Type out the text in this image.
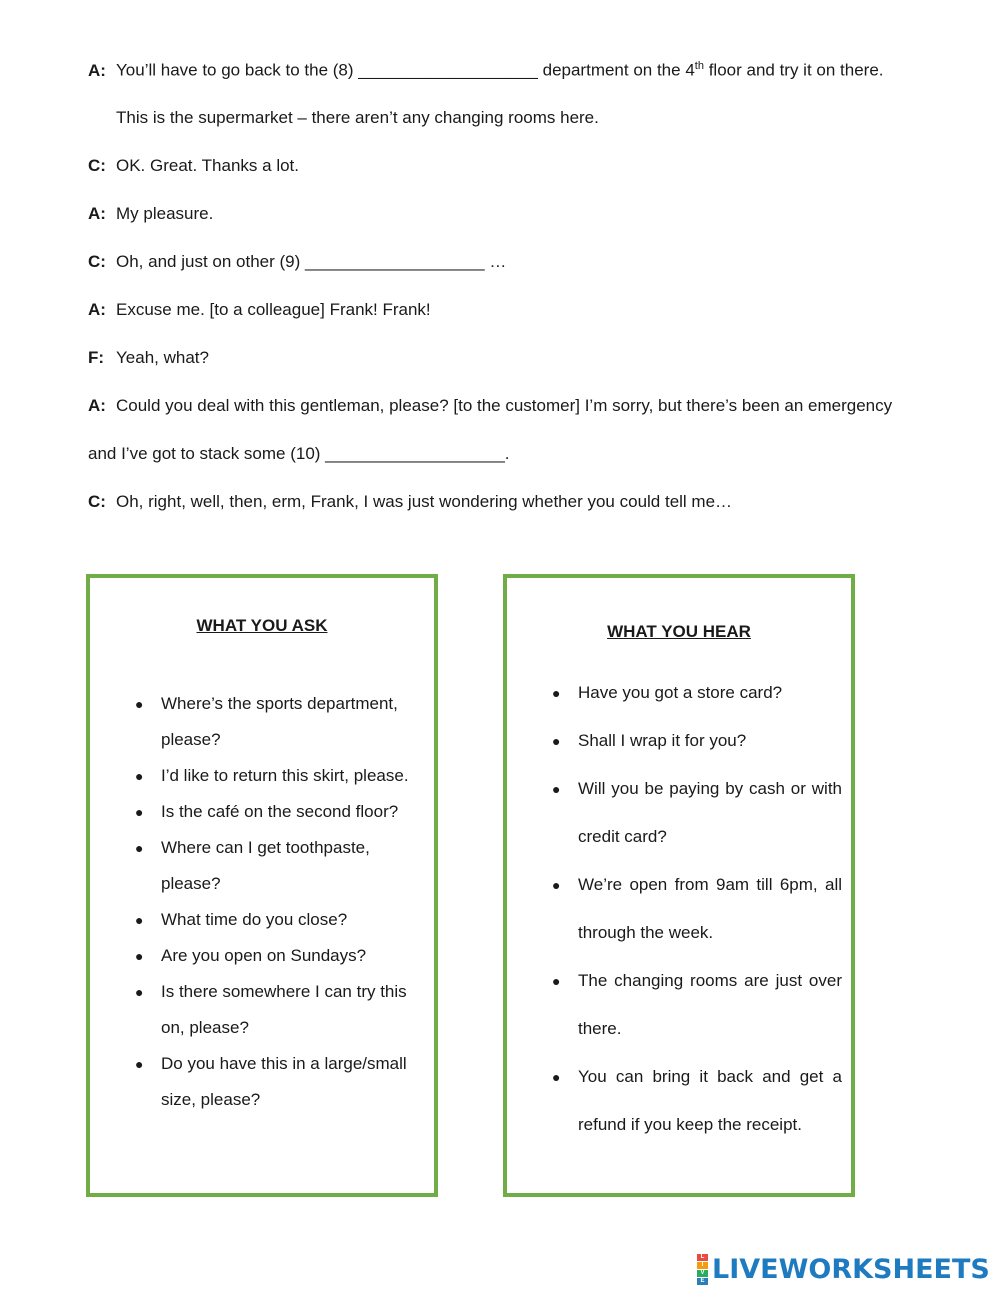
A: You’ll have to go back to the (8) ___________________ department on the 4th floor and try it on there.
This is the supermarket – there aren’t any changing rooms here.
C: OK. Great. Thanks a lot.
A: My pleasure.
C: Oh, and just on other (9) ___________________ …
A: Excuse me. [to a colleague] Frank! Frank!
F: Yeah, what?
A: Could you deal with this gentleman, please? [to the customer] I’m sorry, but there’s been an emergency
and I’ve got to stack some (10) ___________________.
C: Oh, right, well, then, erm, Frank, I was just wondering whether you could tell me…
WHAT YOU ASK
● Where’s the sports department, please?
● I’d like to return this skirt, please.
● Is the café on the second floor?
● Where can I get toothpaste, please?
● What time do you close?
● Are you open on Sundays?
● Is there somewhere I can try this on, please?
● Do you have this in a large/small size, please?
WHAT YOU HEAR
● Have you got a store card?
● Shall I wrap it for you?
● Will you be paying by cash or with credit card?
● We’re open from 9am till 6pm, all through the week.
● The changing rooms are just over there.
● You can bring it back and get a refund if you keep the receipt.
L
I
V
E LIVEWORKSHEETS
